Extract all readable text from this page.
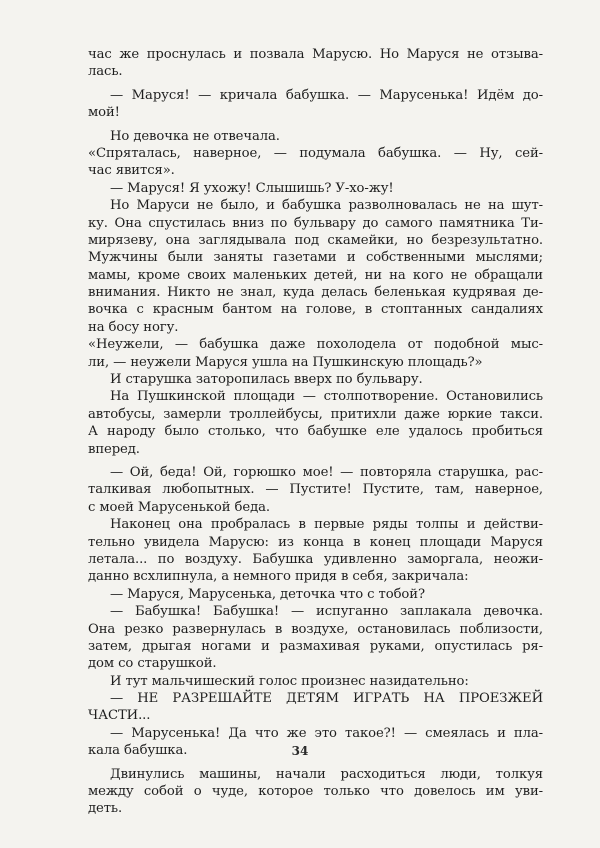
час же проснулась и позвала Марусю. Но Маруся не отзыва-
лась.
— Маруся! — кричала бабушка. — Марусенька! Идём до-
мой!
Но девочка не отвечала.
«Спряталась, наверное, — подумала бабушка. — Ну, сей-
час явится».
— Маруся! Я ухожу! Слышишь? У-хо-жу!
Но Маруси не было, и бабушка разволновалась не на шут-
ку. Она спустилась вниз по бульвару до самого памятника Ти-
мирязеву, она заглядывала под скамейки, но безрезультатно.
Мужчины были заняты газетами и собственными мыслями;
мамы, кроме своих маленьких детей, ни на кого не обращали
внимания. Никто не знал, куда делась беленькая кудрявая де-
вочка с красным бантом на голове, в стоптанных сандалиях
на босу ногу.
«Неужели, — бабушка даже похолодела от подобной мыс-
ли, — неужели Маруся ушла на Пушкинскую площадь?»
И старушка заторопилась вверх по бульвару.
На Пушкинской площади — столпотворение. Остановились
автобусы, замерли троллейбусы, притихли даже юркие такси.
А народу было столько, что бабушке еле удалось пробиться
вперед.
— Ой, беда! Ой, горюшко мое! — повторяла старушка, рас-
талкивая любопытных. — Пустите! Пустите, там, наверное,
с моей Марусенькой беда.
Наконец она пробралась в первые ряды толпы и действи-
тельно увидела Марусю: из конца в конец площади Маруся
летала... по воздуху. Бабушка удивленно заморгала, неожи-
данно всхлипнула, а немного придя в себя, закричала:
— Маруся, Марусенька, деточка что с тобой?
— Бабушка! Бабушка! — испуганно заплакала девочка.
Она резко развернулась в воздухе, остановилась поблизости,
затем, дрыгая ногами и размахивая руками, опустилась ря-
дом со старушкой.
И тут мальчишеский голос произнес назидательно:
— НЕ РАЗРЕШАЙТЕ ДЕТЯМ ИГРАТЬ НА ПРОЕЗЖЕЙ
ЧАСТИ...
— Марусенька! Да что же это такое?! — смеялась и пла-
кала бабушка.
Двинулись машины, начали расходиться люди, толкуя
между собой о чуде, которое только что довелось им уви-
деть.
34
